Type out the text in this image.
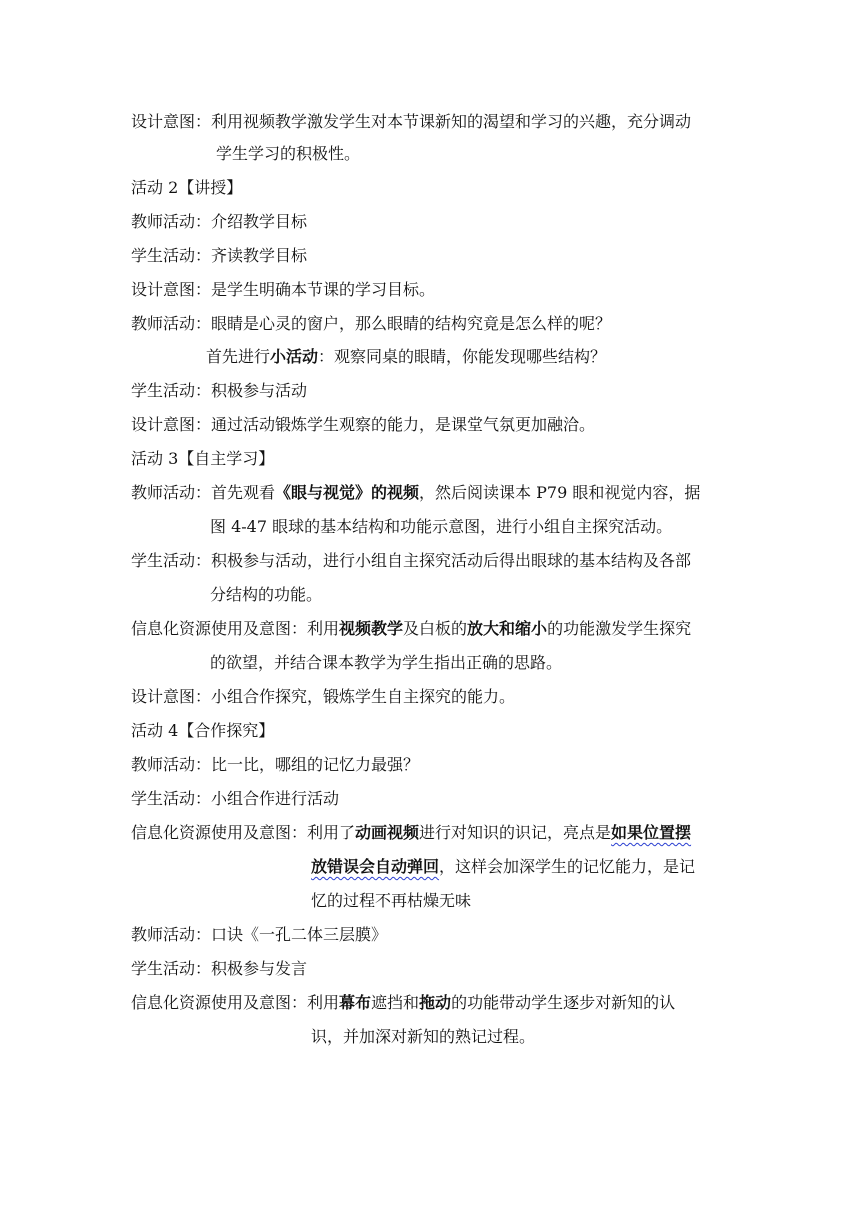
设计意图：利用视频教学激发学生对本节课新知的渴望和学习的兴趣，充分调动
学生学习的积极性。
活动 2【讲授】
教师活动：介绍教学目标
学生活动：齐读教学目标
设计意图：是学生明确本节课的学习目标。
教师活动：眼睛是心灵的窗户，那么眼睛的结构究竟是怎么样的呢？
首先进行小活动：观察同桌的眼睛，你能发现哪些结构？
学生活动：积极参与活动
设计意图：通过活动锻炼学生观察的能力，是课堂气氛更加融洽。
活动 3【自主学习】
教师活动：首先观看《眼与视觉》的视频，然后阅读课本 P79 眼和视觉内容，据
图 4-47 眼球的基本结构和功能示意图，进行小组自主探究活动。
学生活动：积极参与活动，进行小组自主探究活动后得出眼球的基本结构及各部
分结构的功能。
信息化资源使用及意图：利用视频教学及白板的放大和缩小的功能激发学生探究
的欲望，并结合课本教学为学生指出正确的思路。
设计意图：小组合作探究，锻炼学生自主探究的能力。
活动 4【合作探究】
教师活动：比一比，哪组的记忆力最强？
学生活动：小组合作进行活动
信息化资源使用及意图：利用了动画视频进行对知识的识记，亮点是如果位置摆
放错误会自动弹回，这样会加深学生的记忆能力，是记
忆的过程不再枯燥无味
教师活动：口诀《一孔二体三层膜》
学生活动：积极参与发言
信息化资源使用及意图：利用幕布遮挡和拖动的功能带动学生逐步对新知的认
识，并加深对新知的熟记过程。
